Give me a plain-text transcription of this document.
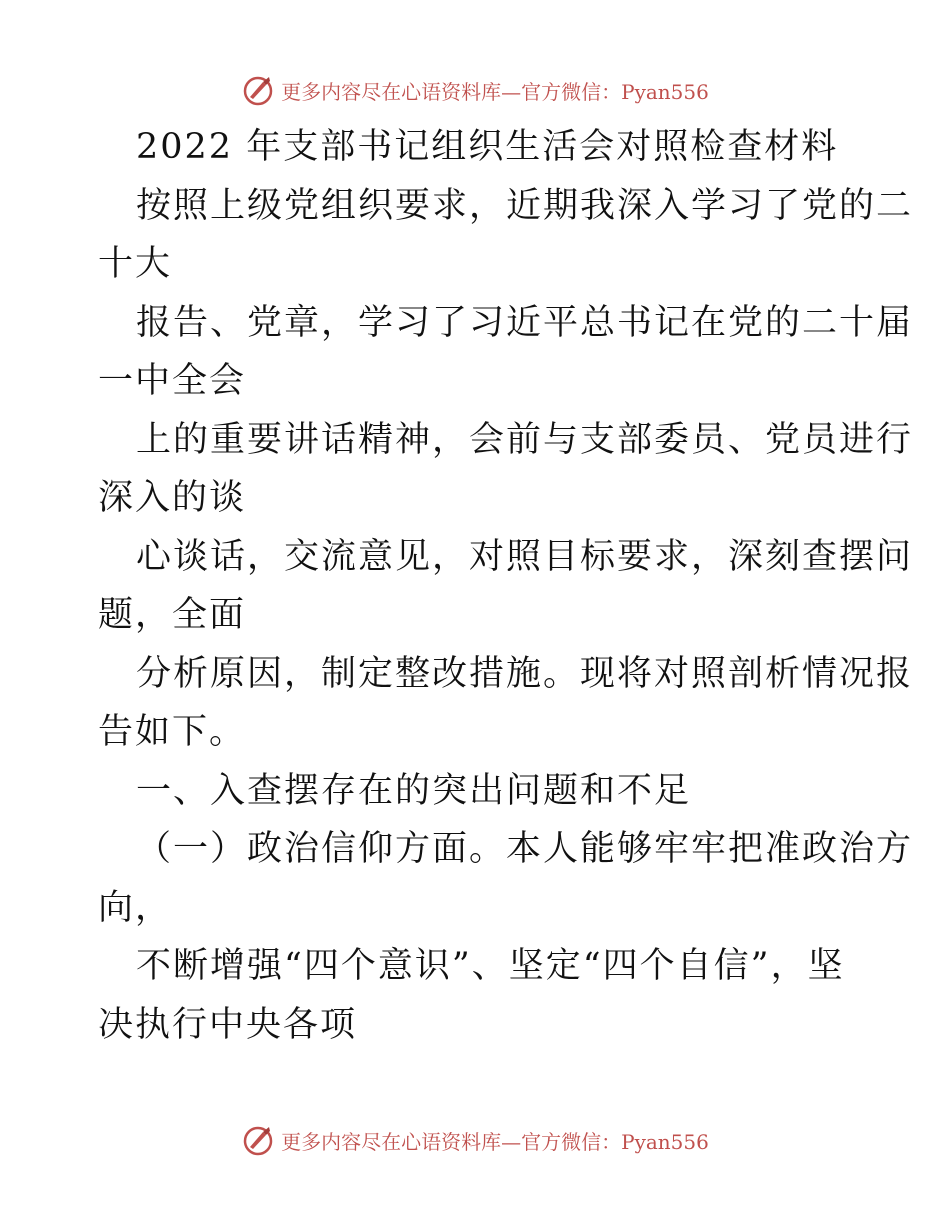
更多内容尽在心语资料库—官方微信：Pyan556
2022 年支部书记组织生活会对照检查材料
按照上级党组织要求，近期我深入学习了党的二
十大
报告、党章，学习了习近平总书记在党的二十届
一中全会
上的重要讲话精神，会前与支部委员、党员进行
深入的谈
心谈话，交流意见，对照目标要求，深刻查摆问
题，全面
分析原因，制定整改措施。现将对照剖析情况报
告如下。
一、入查摆存在的突出问题和不足
（一）政治信仰方面。本人能够牢牢把准政治方
向，
不断增强“四个意识”、坚定“四个自信”，坚
决执行中央各项
更多内容尽在心语资料库—官方微信：Pyan556
